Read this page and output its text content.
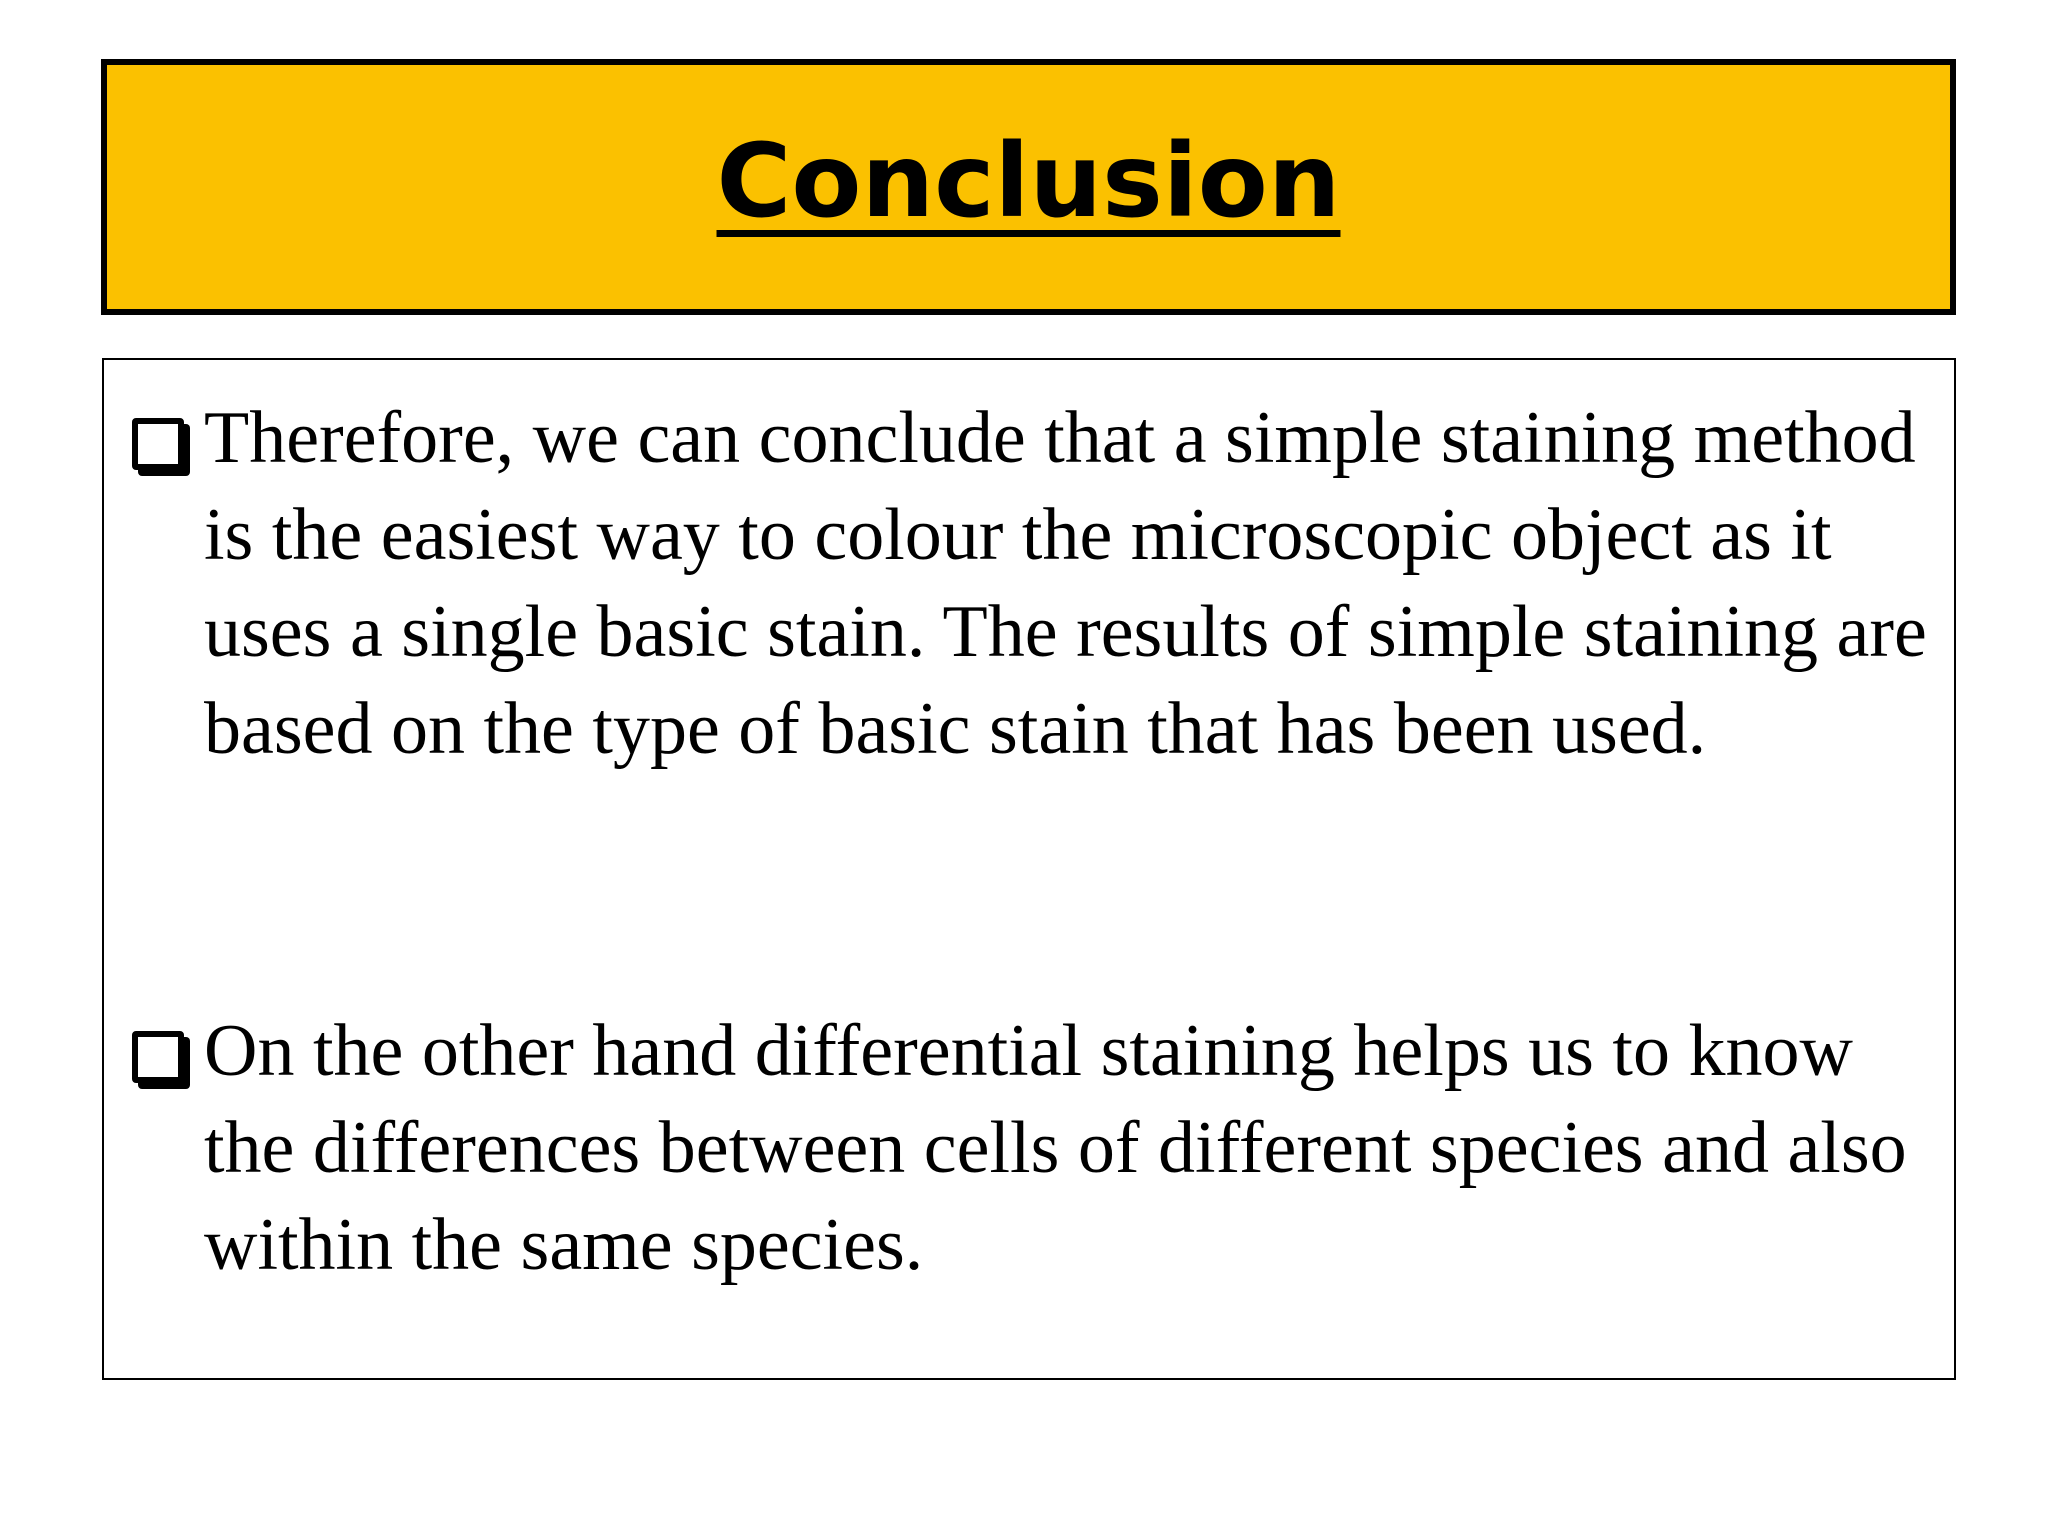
Conclusion
Therefore, we can conclude that a simple staining method is the easiest way to colour the microscopic object as it uses a single basic stain. The results of simple staining are based on the type of basic stain that has been used.
On the other hand differential staining helps us to know the differences between cells of different species and also within the same species.
